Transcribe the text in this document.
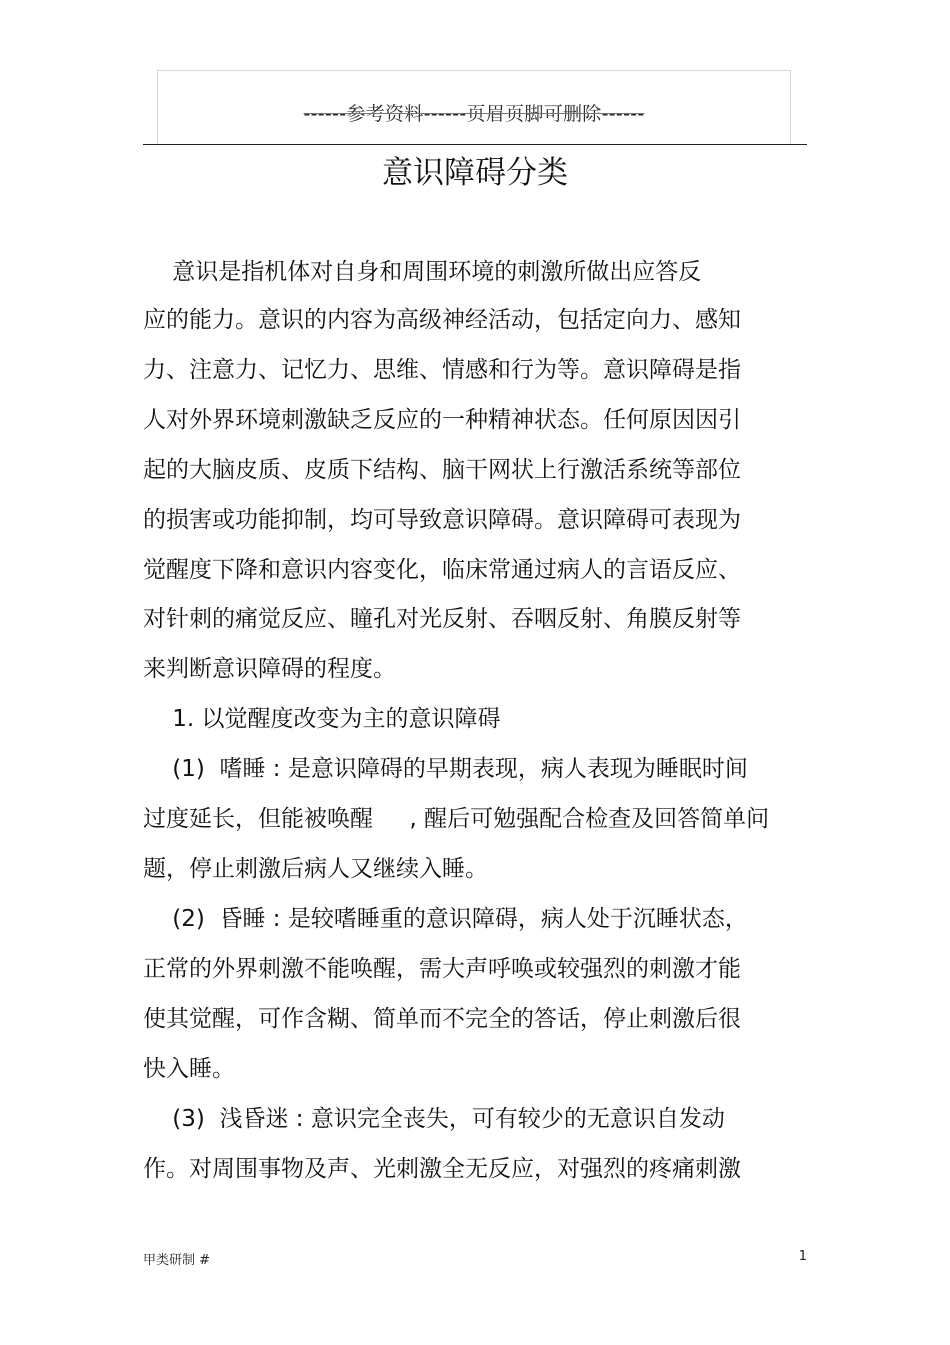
------参考资料------页眉页脚可删除------
意识障碍分类
意识是指机体对自身和周围环境的刺激所做出应答反
应的能力。意识的内容为高级神经活动，包括定向力、感知
力、注意力、记忆力、思维、情感和行为等。意识障碍是指
人对外界环境刺激缺乏反应的一种精神状态。任何原因因引
起的大脑皮质、皮质下结构、脑干网状上行激活系统等部位
的损害或功能抑制，均可导致意识障碍。意识障碍可表现为
觉醒度下降和意识内容变化，临床常通过病人的言语反应、
对针刺的痛觉反应、瞳孔对光反射、吞咽反射、角膜反射等
来判断意识障碍的程度。
1. 以觉醒度改变为主的意识障碍
(1)  嗜睡 : 是意识障碍的早期表现，病人表现为睡眠时间
过度延长，但能被唤醒     , 醒后可勉强配合检查及回答简单问
题，停止刺激后病人又继续入睡。
(2)  昏睡 : 是较嗜睡重的意识障碍，病人处于沉睡状态，
正常的外界刺激不能唤醒，需大声呼唤或较强烈的刺激才能
使其觉醒，可作含糊、简单而不完全的答话，停止刺激后很
快入睡。
(3)  浅昏迷 : 意识完全丧失，可有较少的无意识自发动
作。对周围事物及声、光刺激全无反应，对强烈的疼痛刺激
甲类研制 #	1
